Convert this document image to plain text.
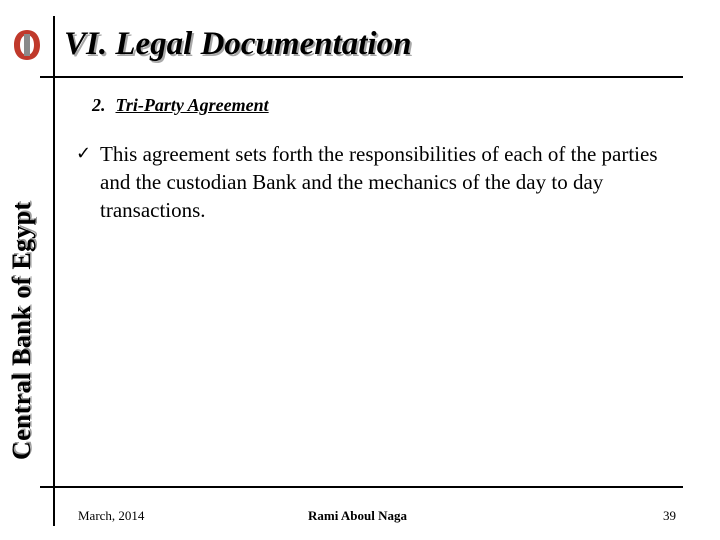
Central Bank of Egypt
VI. Legal Documentation
2. Tri-Party Agreement
✓ This agreement sets forth the responsibilities of each of the parties and the custodian Bank and the mechanics of the day to day transactions.
March, 2014	Rami Aboul Naga	39
